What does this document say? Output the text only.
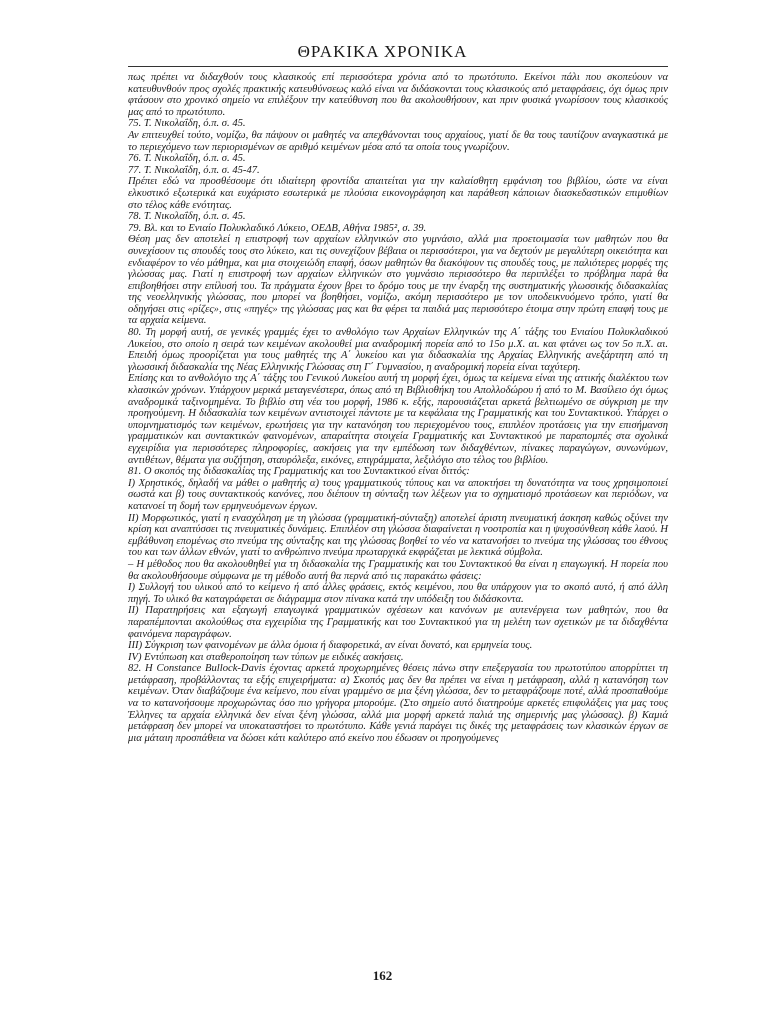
ΘΡΑΚΙΚΑ ΧΡΟΝΙΚΑ

πως πρέπει να διδαχθούν τους κλασικούς επί περισσότερα χρόνια από το πρωτότυπο. Εκείνοι πάλι που σκοπεύουν να κατευθυνθούν προς σχολές πρακτικής κατευθύνσεως καλό είναι να διδάσκονται τους κλασικούς από μεταφράσεις, όχι όμως πριν φτάσουν στο χρονικό σημείο να επιλέξουν την κατεύθυνση που θα ακολουθήσουν, και πριν φυσικά γνωρίσουν τους κλασικούς μας από το πρωτότυπο.

75. Τ. Νικολαΐδη, ό.π. σ. 45.

Αν επιτευχθεί τούτο, νομίζω, θα πάψουν οι μαθητές να απεχθάνονται τους αρχαίους, γιατί δε θα τους ταυτίζουν αναγκαστικά με το περιεχόμενο των περιορισμένων σε αριθμό κειμένων μέσα από τα οποία τους γνωρίζουν.

76. Τ. Νικολαΐδη, ό.π. σ. 45.

77. Τ. Νικολαΐδη, ό.π. σ. 45-47.

Πρέπει εδώ να προσθέσουμε ότι ιδιαίτερη φροντίδα απαιτείται για την καλαίσθητη εμφάνιση του βιβλίου, ώστε να είναι ελκυστικό εξωτερικά και ευχάριστο εσωτερικά με πλούσια εικονογράφηση και παράθεση κάποιων διασκεδαστικών επιμυθίων στο τέλος κάθε ενότητας.

78. Τ. Νικολαΐδη, ό.π. σ. 45.

79. Βλ. και το Ενιαίο Πολυκλαδικό Λύκειο, ΟΕΔΒ, Αθήνα 1985², σ. 39.

Θέση μας δεν αποτελεί η επιστροφή των αρχαίων ελληνικών στο γυμνάσιο, αλλά μια προετοιμασία των μαθητών που θα συνεχίσουν τις σπουδές τους στο λύκειο, και τις συνεχίζουν βέβαια οι περισσότεροι, για να δεχτούν με μεγαλύτερη οικειότητα και ενδιαφέρον το νέο μάθημα, και μια στοιχειώδη επαφή, όσων μαθητών θα διακόψουν τις σπουδές τους, με παλιότερες μορφές της γλώσσας μας. Γιατί η επιστροφή των αρχαίων ελληνικών στο γυμνάσιο περισσότερο θα περιπλέξει το πρόβλημα παρά θα επιβοηθήσει στην επίλυσή του. Τα πράγματα έχουν βρει το δρόμο τους με την έναρξη της συστηματικής γλωσσικής διδασκαλίας της νεοελληνικής γλώσσας, που μπορεί να βοηθήσει, νομίζω, ακόμη περισσότερο με τον υποδεικνυόμενο τρόπο, γιατί θα οδηγήσει στις «ρίζες», στις «πηγές» της γλώσσας μας και θα φέρει τα παιδιά μας περισσότερο έτοιμα στην πρώτη επαφή τους με τα αρχαία κείμενα.

80. Τη μορφή αυτή, σε γενικές γραμμές έχει το ανθολόγιο των Αρχαίων Ελληνικών της Α΄ τάξης του Ενιαίου Πολυκλαδικού Λυκείου, στο οποίο η σειρά των κειμένων ακολουθεί μια αναδρομική πορεία από το 15ο μ.Χ. αι. και φτάνει ως τον 5ο π.Χ. αι. Επειδή όμως προορίζεται για τους μαθητές της Α΄ λυκείου και για διδασκαλία της Αρχαίας Ελληνικής ανεξάρτητη από τη γλωσσική διδασκαλία της Νέας Ελληνικής Γλώσσας στη Γ΄ Γυμνασίου, η αναδρομική πορεία είναι ταχύτερη.

Επίσης και το ανθολόγιο της Α΄ τάξης του Γενικού Λυκείου αυτή τη μορφή έχει, όμως τα κείμενα είναι της αττικής διαλέκτου των κλασικών χρόνων. Υπάρχουν μερικά μεταγενέστερα, όπως από τη Βιβλιοθήκη του Απολλοδώρου ή από το Μ. Βασίλειο όχι όμως αναδρομικά ταξινομημένα. Το βιβλίο στη νέα του μορφή, 1986 κ. εξής, παρουσιάζεται αρκετά βελτιωμένο σε σύγκριση με την προηγούμενη. Η διδασκαλία των κειμένων αντιστοιχεί πάντοτε με τα κεφάλαια της Γραμματικής και του Συντακτικού. Υπάρχει ο υπομνηματισμός των κειμένων, ερωτήσεις για την κατανόηση του περιεχομένου τους, επιπλέον προτάσεις για την επισήμανση γραμματικών και συντακτικών φαινομένων, απαραίτητα στοιχεία Γραμματικής και Συντακτικού με παραπομπές στα σχολικά εγχειρίδια για περισσότερες πληροφορίες, ασκήσεις για την εμπέδωση των διδαχθέντων, πίνακες παραγώγων, συνωνύμων, αντιθέτων, θέματα για συζήτηση, σταυρόλεξα, εικόνες, επιγράμματα, λεξιλόγιο στο τέλος του βιβλίου.

81. Ο σκοπός της διδασκαλίας της Γραμματικής και του Συντακτικού είναι διττός:

Ι) Χρηστικός, δηλαδή να μάθει ο μαθητής α) τους γραμματικούς τύπους και να αποκτήσει τη δυνατότητα να τους χρησιμοποιεί σωστά και β) τους συντακτικούς κανόνες, που διέπουν τη σύνταξη των λέξεων για το σχηματισμό προτάσεων και περιόδων, να κατανοεί τη δομή των ερμηνευόμενων έργων.

ΙΙ) Μορφωτικός, γιατί η ενασχόληση με τη γλώσσα (γραμματική-σύνταξη) αποτελεί άριστη πνευματική άσκηση καθώς οξύνει την κρίση και αναπτύσσει τις πνευματικές δυνάμεις. Επιπλέον στη γλώσσα διαφαίνεται η νοοτροπία και η ψυχοσύνθεση κάθε λαού. Η εμβάθυνση επομένως στο πνεύμα της σύνταξης και της γλώσσας βοηθεί το νέο να κατανοήσει το πνεύμα της γλώσσας του έθνους του και των άλλων εθνών, γιατί το ανθρώπινο πνεύμα πρωταρχικά εκφράζεται με λεκτικά σύμβολα.

– Η μέθοδος που θα ακολουθηθεί για τη διδασκαλία της Γραμματικής και του Συντακτικού θα είναι η επαγωγική. Η πορεία που θα ακολουθήσουμε σύμφωνα με τη μέθοδο αυτή θα περνά από τις παρακάτω φάσεις:

Ι) Συλλογή του υλικού από το κείμενο ή από άλλες φράσεις, εκτός κειμένου, που θα υπάρχουν για το σκοπό αυτό, ή από άλλη πηγή. Το υλικό θα καταγράφεται σε διάγραμμα στον πίνακα κατά την υπόδειξη του διδάσκοντα.

ΙΙ) Παρατηρήσεις και εξαγωγή επαγωγικά γραμματικών σχέσεων και κανόνων με αυτενέργεια των μαθητών, που θα παραπέμπονται ακολούθως στα εγχειρίδια της Γραμματικής και του Συντακτικού για τη μελέτη των σχετικών με τα διδαχθέντα φαινόμενα παραγράφων.

ΙΙΙ) Σύγκριση των φαινομένων με άλλα όμοια ή διαφορετικά, αν είναι δυνατό, και ερμηνεία τους.

IV) Εντύπωση και σταθεροποίηση των τύπων με ειδικές ασκήσεις.

82. Η Constance Bullock-Davis έχοντας αρκετά προχωρημένες θέσεις πάνω στην επεξεργασία του πρωτοτύπου απορρίπτει τη μετάφραση, προβάλλοντας τα εξής επιχειρήματα: α) Σκοπός μας δεν θα πρέπει να είναι η μετάφραση, αλλά η κατανόηση των κειμένων. Όταν διαβάζουμε ένα κείμενο, που είναι γραμμένο σε μια ξένη γλώσσα, δεν το μεταφράζουμε ποτέ, αλλά προσπαθούμε να το κατανοήσουμε προχωρώντας όσο πιο γρήγορα μπορούμε. (Στο σημείο αυτό διατηρούμε αρκετές επιφυλάξεις για μας τους Έλληνες τα αρχαία ελληνικά δεν είναι ξένη γλώσσα, αλλά μια μορφή αρκετά παλιά της σημερινής μας γλώσσας). β) Καμιά μετάφραση δεν μπορεί να υποκαταστήσει το πρωτότυπο. Κάθε γενιά παράγει τις δικές της μεταφράσεις των κλασικών έργων σε μια μάταιη προσπάθεια να δώσει κάτι καλύτερο από εκείνο που έδωσαν οι προηγούμενες

162
